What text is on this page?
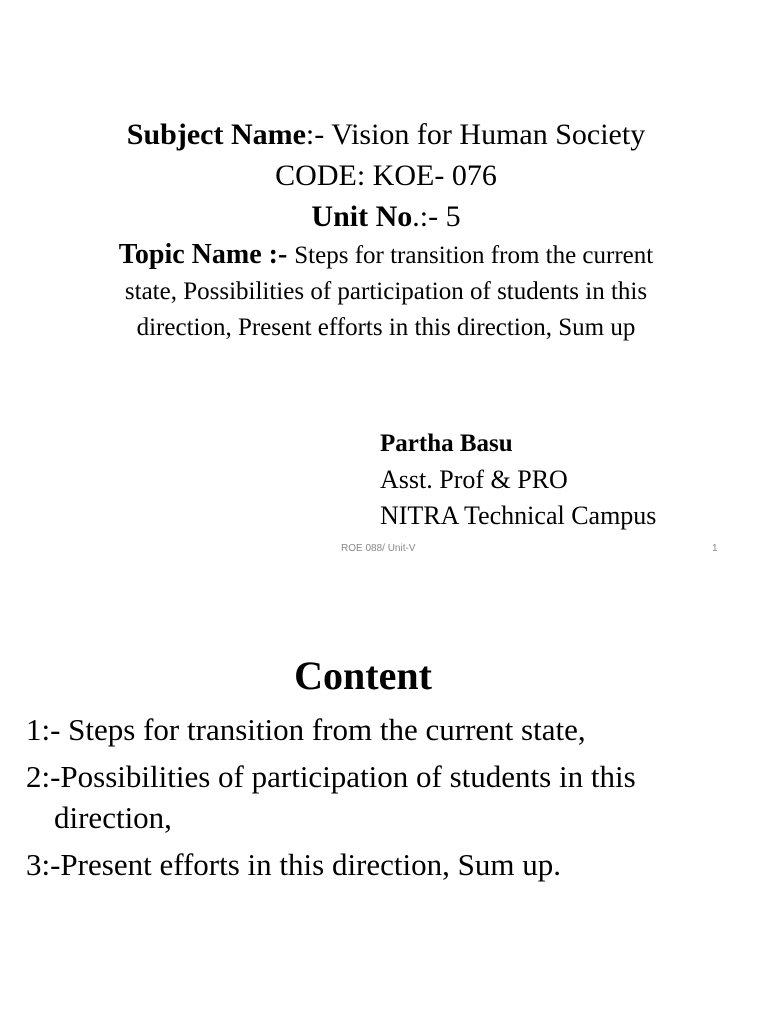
Subject Name:- Vision for Human Society
CODE: KOE- 076
Unit No.:- 5
Topic Name :- Steps for transition from the current
state, Possibilities of participation of students in this
direction, Present efforts in this direction, Sum up
Partha Basu
Asst. Prof & PRO
NITRA Technical Campus
ROE 088/ Unit-V	1
Content
1:- Steps for transition from the current state,
2:-Possibilities of participation of students in this
direction,
3:-Present efforts in this direction, Sum up.
